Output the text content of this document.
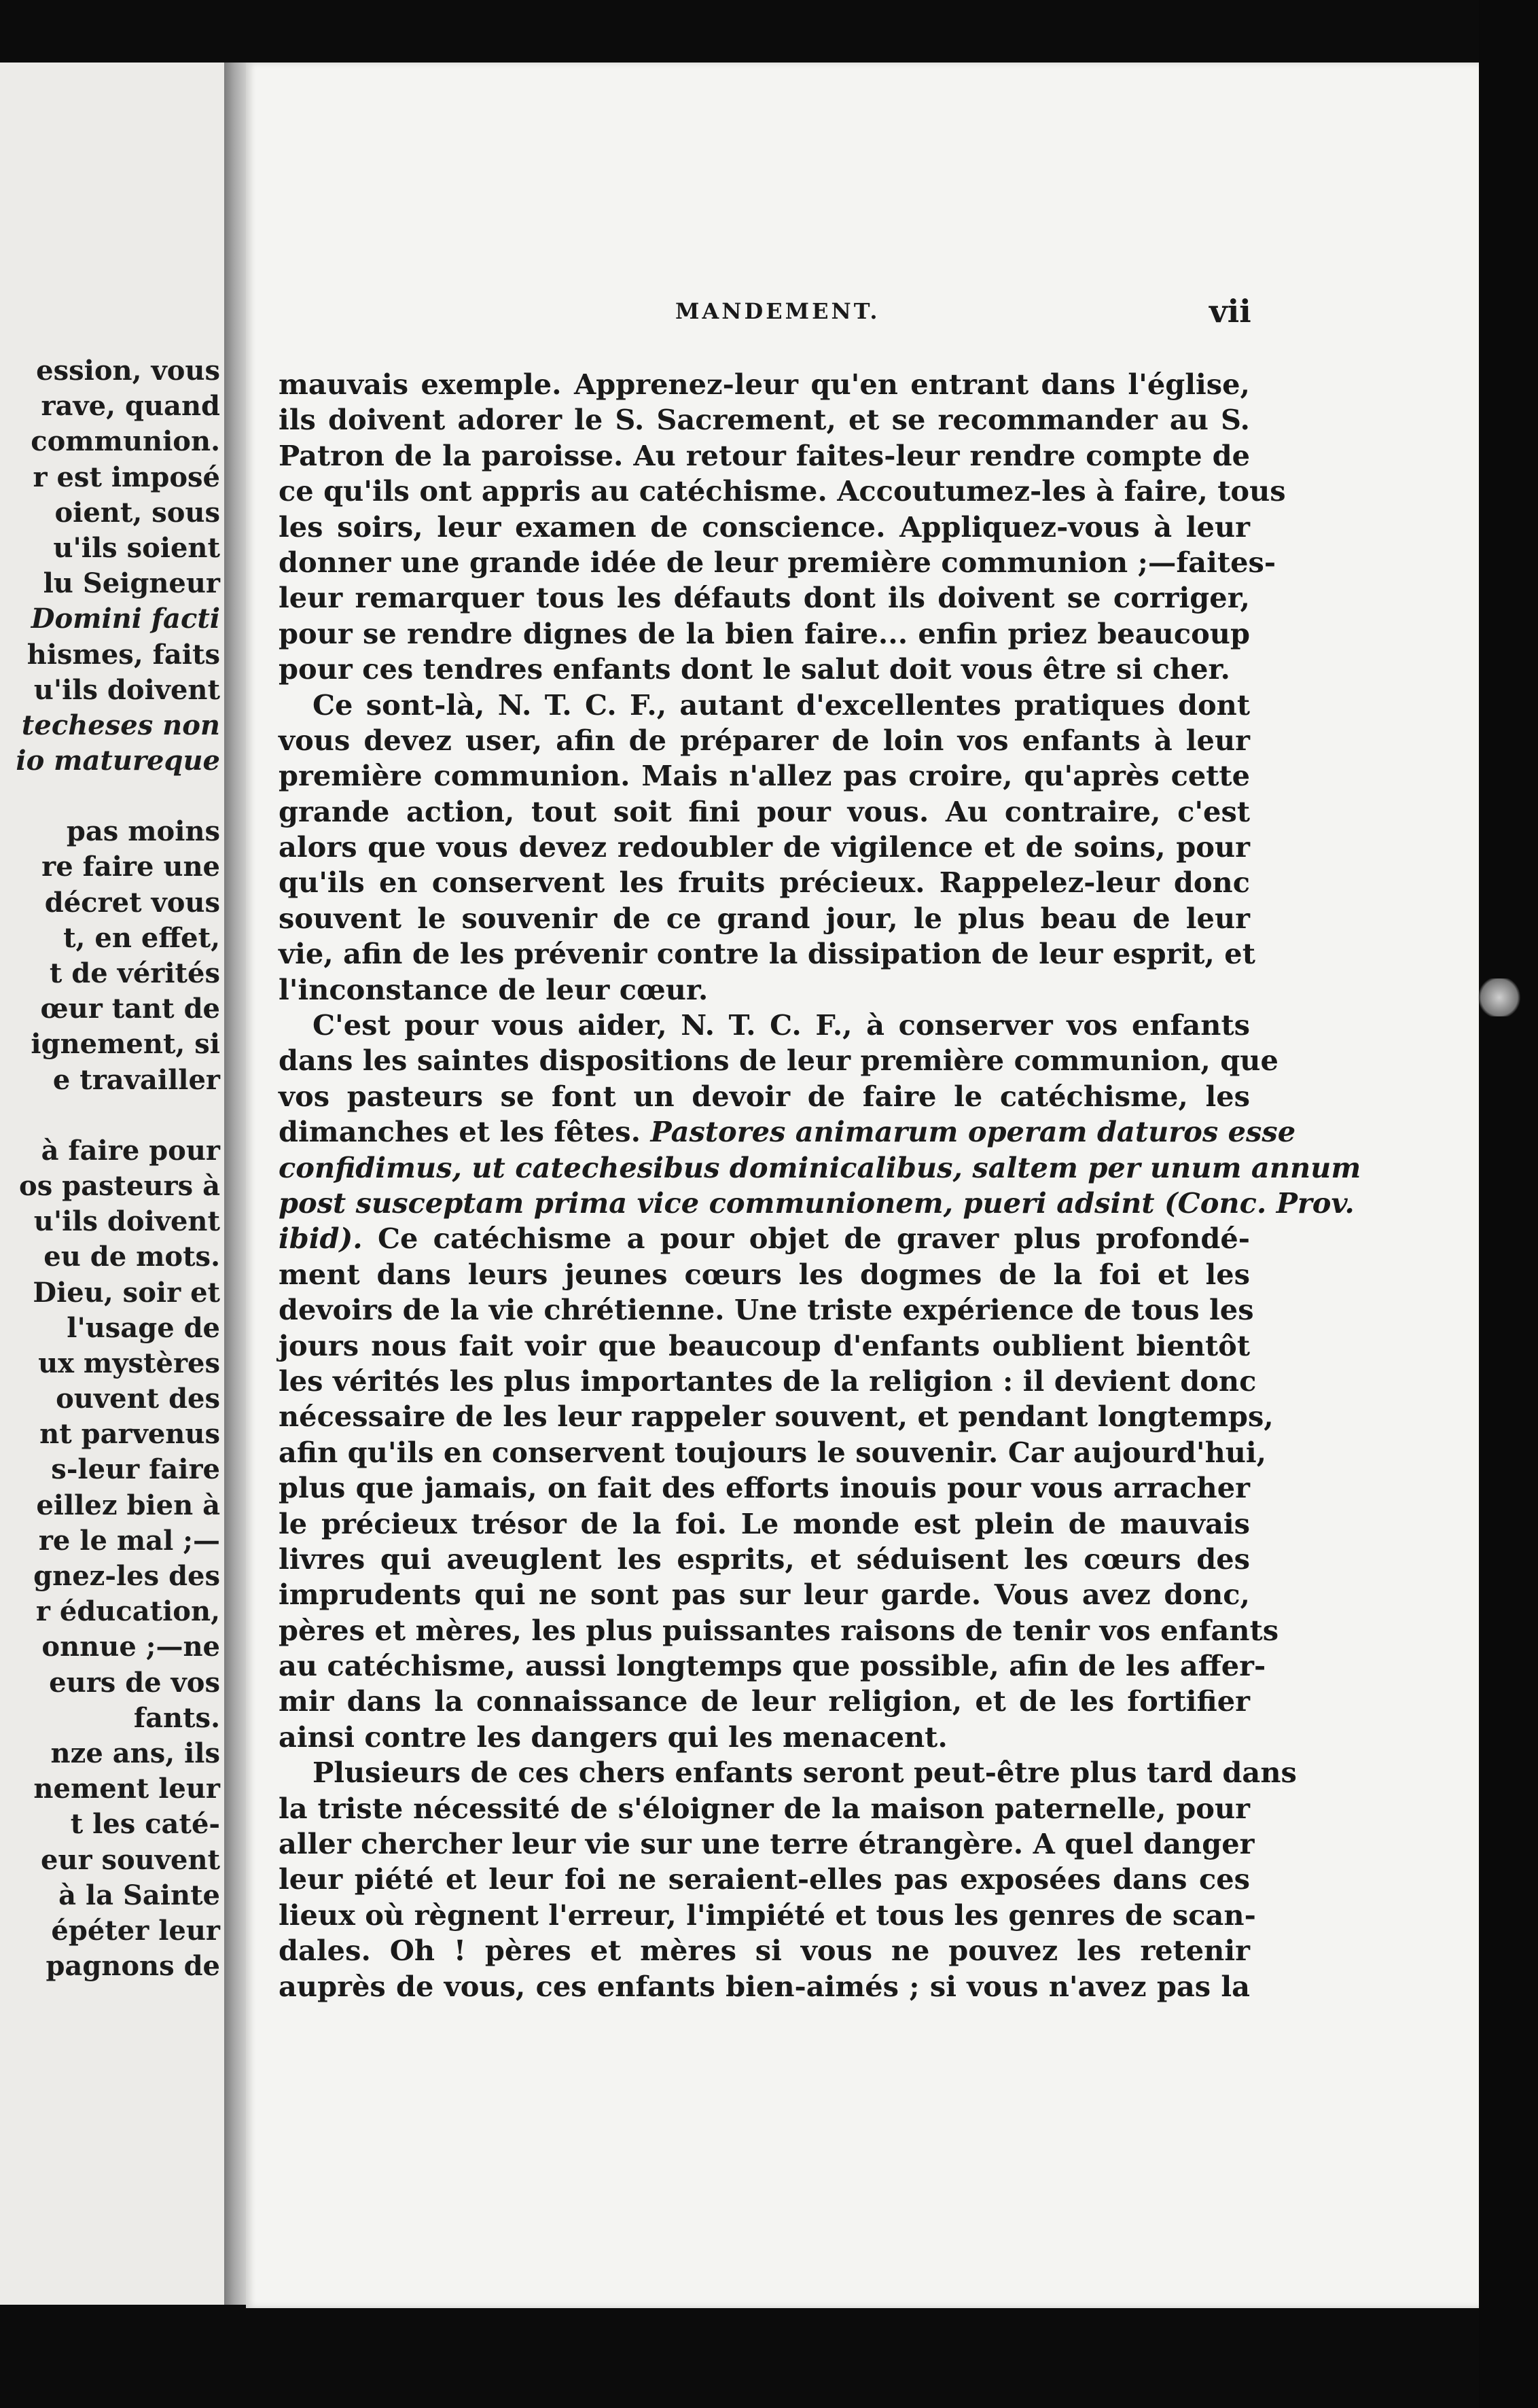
ession, vous
rave, quand
communion.
r est imposé
oient, sous
u'ils soient
lu Seigneur
Domini facti
hismes, faits
u'ils doivent
techeses non
io matureque
pas moins
re faire une
décret vous
t, en effet,
t de vérités
œur tant de
ignement, si
e travailler
à faire pour
os pasteurs à
u'ils doivent
eu de mots.
Dieu, soir et
l'usage de
ux mystères
ouvent des
nt parvenus
s-leur faire
eillez bien à
re le mal ;—
gnez-les des
r éducation,
onnue ;—ne
eurs de vos
fants.
nze ans, ils
nement leur
t les caté-
eur souvent
à la Sainte
épéter leur
pagnons de
MANDEMENT.	vii
mauvais exemple. Apprenez-leur qu'en entrant dans l'église,
ils doivent adorer le S. Sacrement, et se recommander au S.
Patron de la paroisse. Au retour faites-leur rendre compte de
ce qu'ils ont appris au catéchisme. Accoutumez-les à faire, tous
les soirs, leur examen de conscience. Appliquez-vous à leur
donner une grande idée de leur première communion ;—faites-
leur remarquer tous les défauts dont ils doivent se corriger,
pour se rendre dignes de la bien faire... enfin priez beaucoup
pour ces tendres enfants dont le salut doit vous être si cher.
Ce sont-là, N. T. C. F., autant d'excellentes pratiques dont
vous devez user, afin de préparer de loin vos enfants à leur
première communion. Mais n'allez pas croire, qu'après cette
grande action, tout soit fini pour vous. Au contraire, c'est
alors que vous devez redoubler de vigilence et de soins, pour
qu'ils en conservent les fruits précieux. Rappelez-leur donc
souvent le souvenir de ce grand jour, le plus beau de leur
vie, afin de les prévenir contre la dissipation de leur esprit, et
l'inconstance de leur cœur.
C'est pour vous aider, N. T. C. F., à conserver vos enfants
dans les saintes dispositions de leur première communion, que
vos pasteurs se font un devoir de faire le catéchisme, les
dimanches et les fêtes. Pastores animarum operam daturos esse
confidimus, ut catechesibus dominicalibus, saltem per unum annum
post susceptam prima vice communionem, pueri adsint (Conc. Prov.
ibid). Ce catéchisme a pour objet de graver plus profondé-
ment dans leurs jeunes cœurs les dogmes de la foi et les
devoirs de la vie chrétienne. Une triste expérience de tous les
jours nous fait voir que beaucoup d'enfants oublient bientôt
les vérités les plus importantes de la religion : il devient donc
nécessaire de les leur rappeler souvent, et pendant longtemps,
afin qu'ils en conservent toujours le souvenir. Car aujourd'hui,
plus que jamais, on fait des efforts inouis pour vous arracher
le précieux trésor de la foi. Le monde est plein de mauvais
livres qui aveuglent les esprits, et séduisent les cœurs des
imprudents qui ne sont pas sur leur garde. Vous avez donc,
pères et mères, les plus puissantes raisons de tenir vos enfants
au catéchisme, aussi longtemps que possible, afin de les affer-
mir dans la connaissance de leur religion, et de les fortifier
ainsi contre les dangers qui les menacent.
Plusieurs de ces chers enfants seront peut-être plus tard dans
la triste nécessité de s'éloigner de la maison paternelle, pour
aller chercher leur vie sur une terre étrangère. A quel danger
leur piété et leur foi ne seraient-elles pas exposées dans ces
lieux où règnent l'erreur, l'impiété et tous les genres de scan-
dales. Oh ! pères et mères si vous ne pouvez les retenir
auprès de vous, ces enfants bien-aimés ; si vous n'avez pas la
